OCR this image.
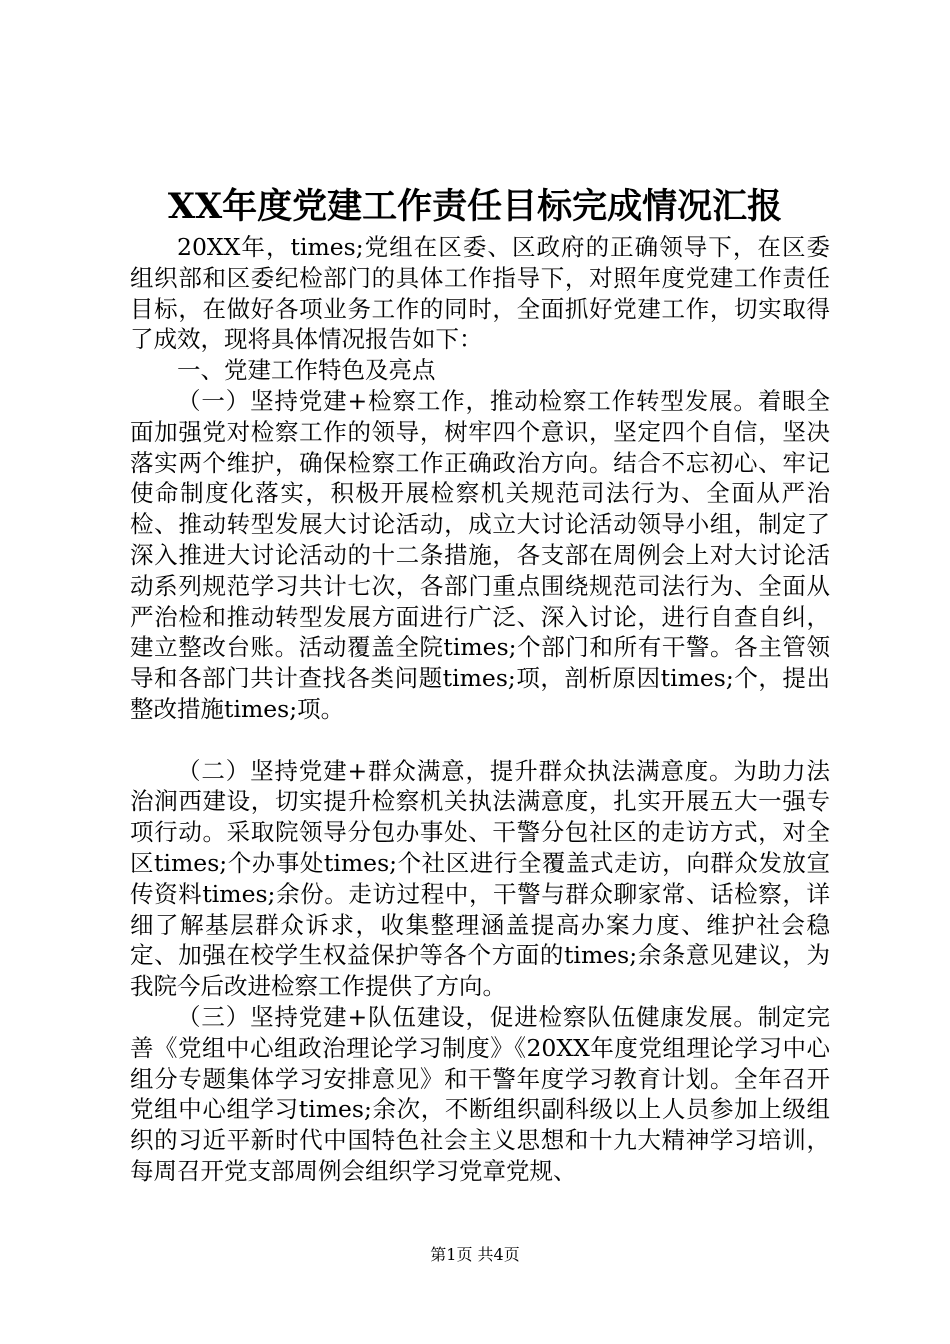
XX年度党建工作责任目标完成情况汇报

20XX年，times;党组在区委、区政府的正确领导下，在区委组织部和区委纪检部门的具体工作指导下，对照年度党建工作责任目标，在做好各项业务工作的同时，全面抓好党建工作，切实取得了成效，现将具体情况报告如下：

一、党建工作特色及亮点

（一）坚持党建+检察工作，推动检察工作转型发展。着眼全面加强党对检察工作的领导，树牢四个意识，坚定四个自信，坚决落实两个维护，确保检察工作正确政治方向。结合不忘初心、牢记使命制度化落实，积极开展检察机关规范司法行为、全面从严治检、推动转型发展大讨论活动，成立大讨论活动领导小组，制定了深入推进大讨论活动的十二条措施，各支部在周例会上对大讨论活动系列规范学习共计七次，各部门重点围绕规范司法行为、全面从严治检和推动转型发展方面进行广泛、深入讨论，进行自查自纠，建立整改台账。活动覆盖全院times;个部门和所有干警。各主管领导和各部门共计查找各类问题times;项，剖析原因times;个，提出整改措施times;项。

（二）坚持党建+群众满意，提升群众执法满意度。为助力法治涧西建设，切实提升检察机关执法满意度，扎实开展五大一强专项行动。采取院领导分包办事处、干警分包社区的走访方式，对全区times;个办事处times;个社区进行全覆盖式走访，向群众发放宣传资料times;余份。走访过程中，干警与群众聊家常、话检察，详细了解基层群众诉求，收集整理涵盖提高办案力度、维护社会稳定、加强在校学生权益保护等各个方面的times;余条意见建议，为我院今后改进检察工作提供了方向。

（三）坚持党建+队伍建设，促进检察队伍健康发展。制定完善《党组中心组政治理论学习制度》《20XX年度党组理论学习中心组分专题集体学习安排意见》和干警年度学习教育计划。全年召开党组中心组学习times;余次，不断组织副科级以上人员参加上级组织的习近平新时代中国特色社会主义思想和十九大精神学习培训，每周召开党支部周例会组织学习党章党规、

第1页 共4页
